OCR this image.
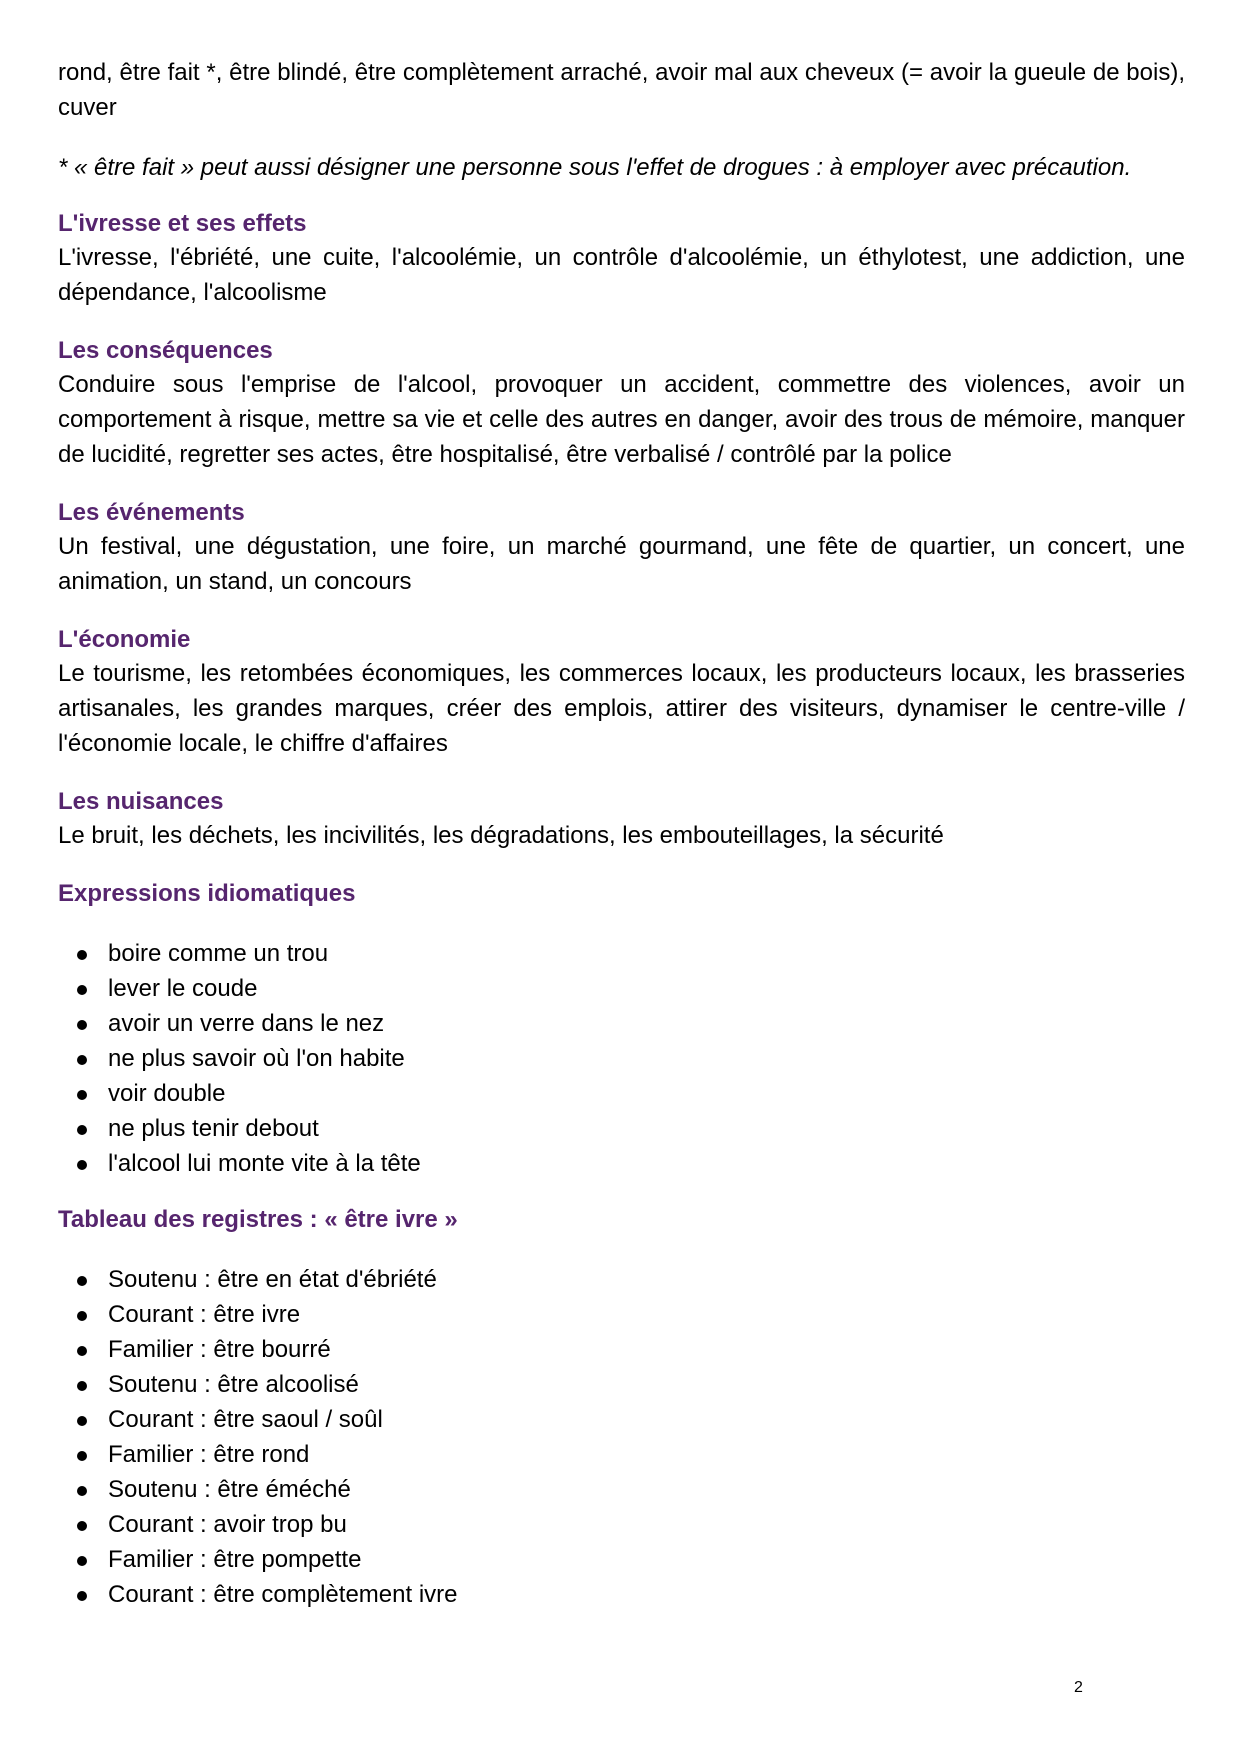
rond, être fait *, être blindé, être complètement arraché, avoir mal aux cheveux (= avoir la gueule de bois), cuver

* « être fait » peut aussi désigner une personne sous l'effet de drogues : à employer avec précaution.

L'ivresse et ses effets

L'ivresse, l'ébriété, une cuite, l'alcoolémie, un contrôle d'alcoolémie, un éthylotest, une addiction, une dépendance, l'alcoolisme

Les conséquences

Conduire sous l'emprise de l'alcool, provoquer un accident, commettre des violences, avoir un comportement à risque, mettre sa vie et celle des autres en danger, avoir des trous de mémoire, manquer de lucidité, regretter ses actes, être hospitalisé, être verbalisé / contrôlé par la police

Les événements

Un festival, une dégustation, une foire, un marché gourmand, une fête de quartier, un concert, une animation, un stand, un concours

L'économie

Le tourisme, les retombées économiques, les commerces locaux, les producteurs locaux, les brasseries artisanales, les grandes marques, créer des emplois, attirer des visiteurs, dynamiser le centre-ville / l'économie locale, le chiffre d'affaires

Les nuisances

Le bruit, les déchets, les incivilités, les dégradations, les embouteillages, la sécurité

Expressions idiomatiques
boire comme un trou
lever le coude
avoir un verre dans le nez
ne plus savoir où l'on habite
voir double
ne plus tenir debout
l'alcool lui monte vite à la tête
Tableau des registres : « être ivre »
Soutenu : être en état d'ébriété
Courant : être ivre
Familier : être bourré
Soutenu : être alcoolisé
Courant : être saoul / soûl
Familier : être rond
Soutenu : être éméché
Courant : avoir trop bu
Familier : être pompette
Courant : être complètement ivre
2
